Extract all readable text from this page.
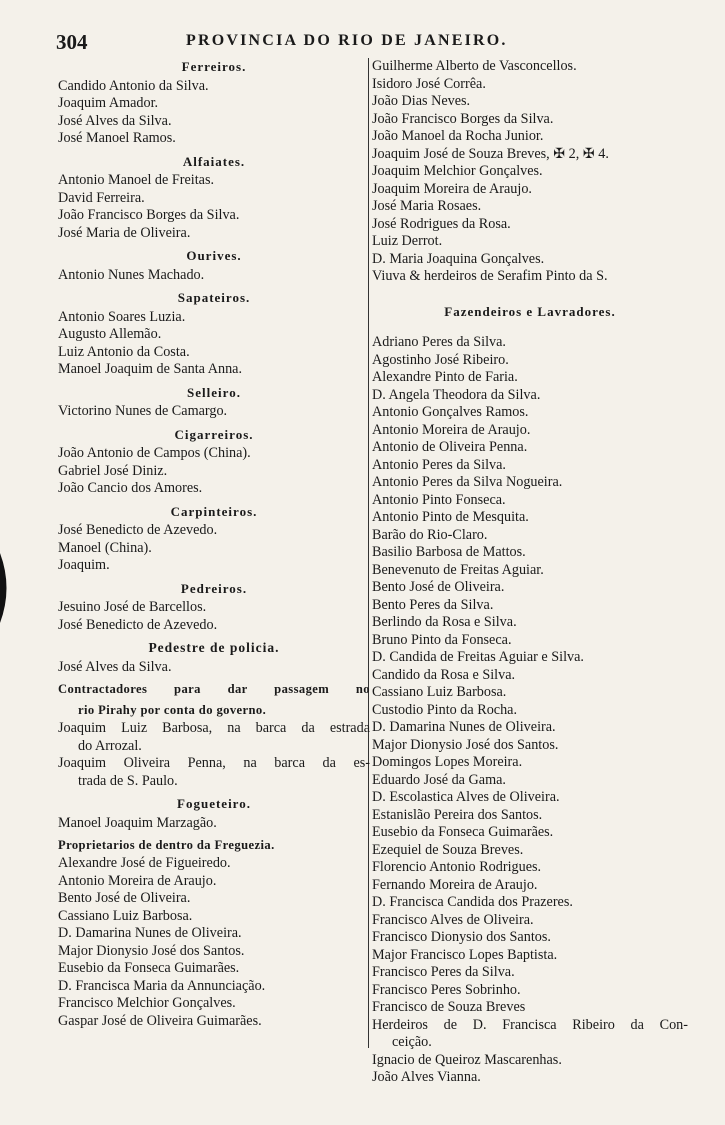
304	PROVINCIA DO RIO DE JANEIRO.
Ferreiros.
Candido Antonio da Silva.
Joaquim Amador.
José Alves da Silva.
José Manoel Ramos.
Alfaiates.
Antonio Manoel de Freitas.
David Ferreira.
João Francisco Borges da Silva.
José Maria de Oliveira.
Ourives.
Antonio Nunes Machado.
Sapateiros.
Antonio Soares Luzia.
Augusto Allemão.
Luiz Antonio da Costa.
Manoel Joaquim de Santa Anna.
Selleiro.
Victorino Nunes de Camargo.
Cigarreiros.
João Antonio de Campos (China).
Gabriel José Diniz.
João Cancio dos Amores.
Carpinteiros.
José Benedicto de Azevedo.
Manoel (China).
Joaquim.
Pedreiros.
Jesuino José de Barcellos.
José Benedicto de Azevedo.
Pedestre de policia.
José Alves da Silva.
Contractadores para dar passagem no
rio Pirahy por conta do governo.
Joaquim Luiz Barbosa, na barca da estrada
do Arrozal.
Joaquim Oliveira Penna, na barca da es-
trada de S. Paulo.
Fogueteiro.
Manoel Joaquim Marzagão.
Proprietarios de dentro da Freguezia.
Alexandre José de Figueiredo.
Antonio Moreira de Araujo.
Bento José de Oliveira.
Cassiano Luiz Barbosa.
D. Damarina Nunes de Oliveira.
Major Dionysio José dos Santos.
Eusebio da Fonseca Guimarães.
D. Francisca Maria da Annunciação.
Francisco Melchior Gonçalves.
Gaspar José de Oliveira Guimarães.
Guilherme Alberto de Vasconcellos.
Isidoro José Corrêa.
João Dias Neves.
João Francisco Borges da Silva.
João Manoel da Rocha Junior.
Joaquim José de Souza Breves, ✠ 2, ✠ 4.
Joaquim Melchior Gonçalves.
Joaquim Moreira de Araujo.
José Maria Rosaes.
José Rodrigues da Rosa.
Luiz Derrot.
D. Maria Joaquina Gonçalves.
Viuva & herdeiros de Serafim Pinto da S.
Fazendeiros e Lavradores.
Adriano Peres da Silva.
Agostinho José Ribeiro.
Alexandre Pinto de Faria.
D. Angela Theodora da Silva.
Antonio Gonçalves Ramos.
Antonio Moreira de Araujo.
Antonio de Oliveira Penna.
Antonio Peres da Silva.
Antonio Peres da Silva Nogueira.
Antonio Pinto Fonseca.
Antonio Pinto de Mesquita.
Barão do Rio-Claro.
Basilio Barbosa de Mattos.
Benevenuto de Freitas Aguiar.
Bento José de Oliveira.
Bento Peres da Silva.
Berlindo da Rosa e Silva.
Bruno Pinto da Fonseca.
D. Candida de Freitas Aguiar e Silva.
Candido da Rosa e Silva.
Cassiano Luiz Barbosa.
Custodio Pinto da Rocha.
D. Damarina Nunes de Oliveira.
Major Dionysio José dos Santos.
Domingos Lopes Moreira.
Eduardo José da Gama.
D. Escolastica Alves de Oliveira.
Estanislão Pereira dos Santos.
Eusebio da Fonseca Guimarães.
Ezequiel de Souza Breves.
Florencio Antonio Rodrigues.
Fernando Moreira de Araujo.
D. Francisca Candida dos Prazeres.
Francisco Alves de Oliveira.
Francisco Dionysio dos Santos.
Major Francisco Lopes Baptista.
Francisco Peres da Silva.
Francisco Peres Sobrinho.
Francisco de Souza Breves
Herdeiros de D. Francisca Ribeiro da Con-
ceição.
Ignacio de Queiroz Mascarenhas.
João Alves Vianna.
